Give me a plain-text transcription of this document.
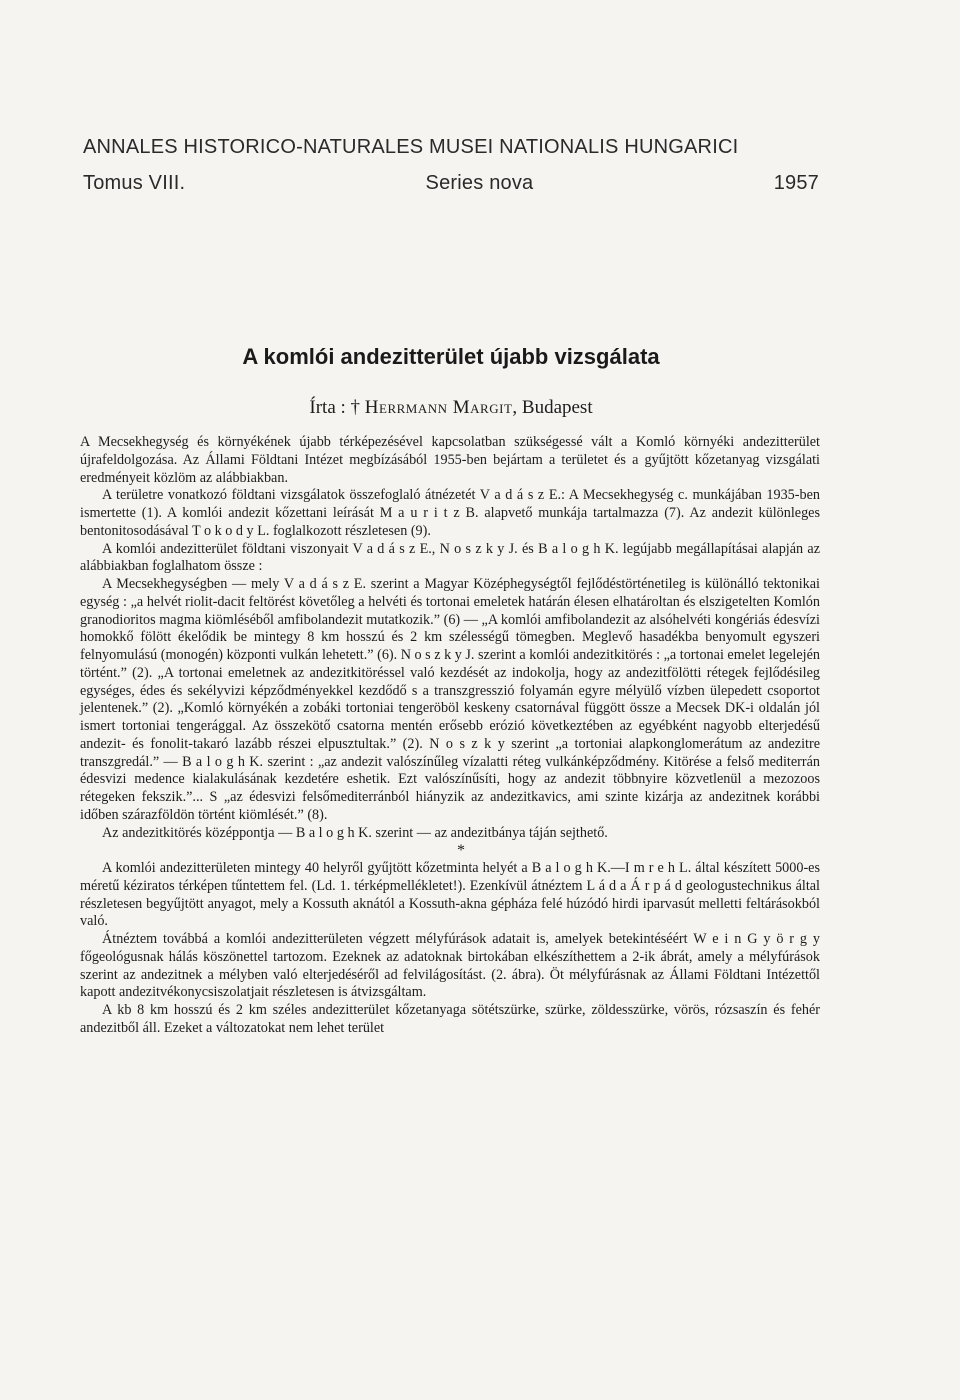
ANNALES HISTORICO-NATURALES MUSEI NATIONALIS HUNGARICI
Tomus VIII.	Series nova	1957
A komlói andezitterület újabb vizsgálata
Írta : † Herrmann Margit, Budapest

A Mecsekhegység és környékének újabb térképezésével kapcsolatban szükségessé vált a Komló környéki andezitterület újrafeldolgozása. Az Állami Földtani Intézet megbízásából 1955-ben bejártam a területet és a gyűjtött kőzetanyag vizsgálati eredményeit közlöm az alábbiakban.

A területre vonatkozó földtani vizsgálatok összefoglaló átnézetét V a d á s z E.: A Mecsekhegység c. munkájában 1935-ben ismertette (1). A komlói andezit kőzettani leírását M a u r i t z B. alapvető munkája tartalmazza (7). Az andezit különleges bentonitosodásával T o k o d y L. foglalkozott részletesen (9).

A komlói andezitterület földtani viszonyait V a d á s z E., N o s z k y J. és B a l o g h K. legújabb megállapításai alapján az alábbiakban foglalhatom össze :

A Mecsekhegységben — mely V a d á s z E. szerint a Magyar Középhegységtől fejlődéstörténetileg is különálló tektonikai egység : „a helvét riolit-dacit feltörést követőleg a helvéti és tortonai emeletek határán élesen elhatároltan és elszigetelten Komlón granodioritos magma kiömléséből amfibolandezit mutatkozik.” (6) — „A komlói amfibolandezit az alsóhelvéti kongériás édesvízi homokkő fölött ékelődik be mintegy 8 km hosszú és 2 km szélességű tömegben. Meglevő hasadékba benyomult egyszeri felnyomulású (monogén) központi vulkán lehetett.” (6). N o s z k y J. szerint a komlói andezitkitörés : „a tortonai emelet legelején történt.” (2). „A tortonai emeletnek az andezitkitöréssel való kezdését az indokolja, hogy az andezitfölötti rétegek fejlődésileg egységes, édes és sekélyvizi képződményekkel kezdődő s a transzgresszió folyamán egyre mélyülő vízben ülepedett csoportot jelentenek.” (2). „Komló környékén a zobáki tortoniai tengeröböl keskeny csatornával függött össze a Mecsek DK-i oldalán jól ismert tortoniai tengerággal. Az összekötő csatorna mentén erősebb erózió következtében az egyébként nagyobb elterjedésű andezit- és fonolit-takaró lazább részei elpusztultak.” (2). N o s z k y szerint „a tortoniai alapkonglomerátum az andezitre transzgredál.” — B a l o g h K. szerint : „az andezit valószínűleg vízalatti réteg vulkánképződmény. Kitörése a felső mediterrán édesvizi medence kialakulásának kezdetére eshetik. Ezt valószínűsíti, hogy az andezit többnyire közvetlenül a mezozoos rétegeken fekszik.”... S „az édesvizi felsőmediterránból hiányzik az andezitkavics, ami szinte kizárja az andezitnek korábbi időben szárazföldön történt kiömlését.” (8).

Az andezitkitörés középpontja — B a l o g h K. szerint — az andezitbánya táján sejthető.

*

A komlói andezitterületen mintegy 40 helyről gyűjtött kőzetminta helyét a B a l o g h K.—I m r e h L. által készített 5000-es méretű kéziratos térképen tűntettem fel. (Ld. 1. térképmellékletet!). Ezenkívül átnéztem L á d a Á r p á d geologustechnikus által részletesen begyűjtött anyagot, mely a Kossuth aknától a Kossuth-akna gépháza felé húzódó hirdi iparvasút melletti feltárásokból való.

Átnéztem továbbá a komlói andezitterületen végzett mélyfúrások adatait is, amelyek betekintéséért W e i n G y ö r g y főgeológusnak hálás köszönettel tartozom. Ezeknek az adatoknak birtokában elkészíthettem a 2-ik ábrát, amely a mélyfúrások szerint az andezitnek a mélyben való elterjedéséről ad felvilágosítást. (2. ábra). Öt mélyfúrásnak az Állami Földtani Intézettől kapott andezitvékonycsiszolatjait részletesen is átvizsgáltam.

A kb 8 km hosszú és 2 km széles andezitterület kőzetanyaga sötétszürke, szürke, zöldesszürke, vörös, rózsaszín és fehér andezitből áll. Ezeket a változatokat nem lehet terület
